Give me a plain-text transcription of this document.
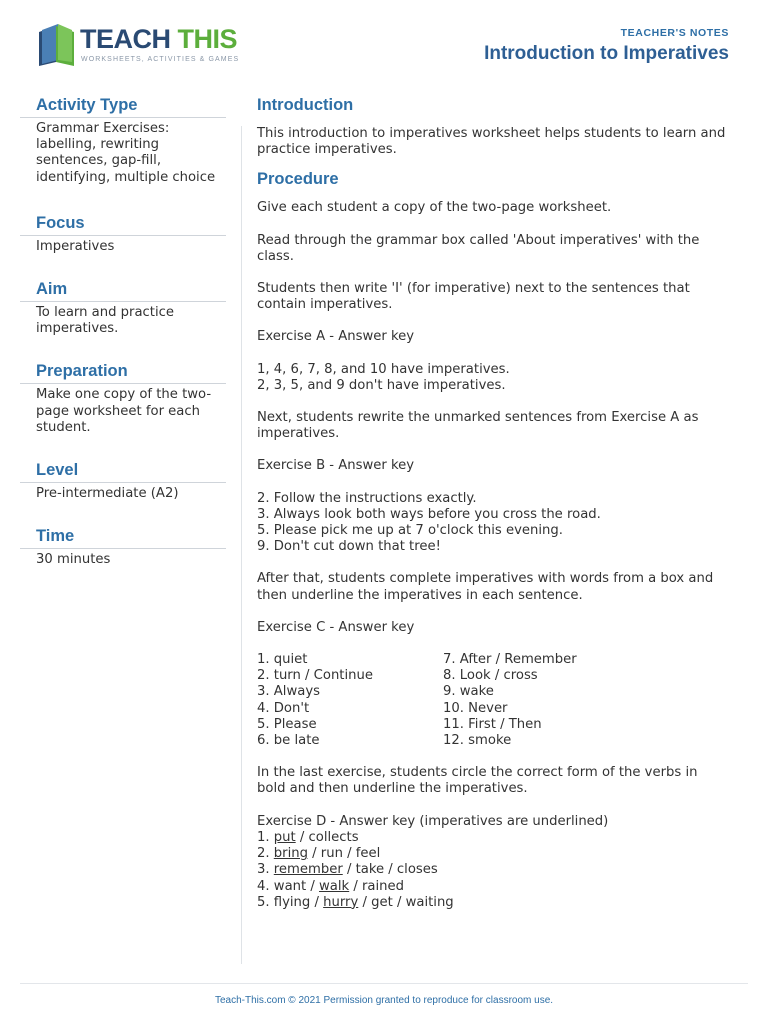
TEACH THIS
WORKSHEETS, ACTIVITIES & GAMES
TEACHER'S NOTES
Introduction to Imperatives
Activity Type
Grammar Exercises: labelling, rewriting sentences, gap-fill, identifying, multiple choice
Focus
Imperatives
Aim
To learn and practice imperatives.
Preparation
Make one copy of the two-page worksheet for each student.
Level
Pre-intermediate (A2)
Time
30 minutes
Introduction

This introduction to imperatives worksheet helps students to learn and practice imperatives.

Procedure

Give each student a copy of the two-page worksheet.

Read through the grammar box called 'About imperatives' with the class.

Students then write 'I' (for imperative) next to the sentences that contain imperatives.

Exercise A - Answer key

1, 4, 6, 7, 8, and 10 have imperatives.
2, 3, 5, and 9 don't have imperatives.

Next, students rewrite the unmarked sentences from Exercise A as imperatives.

Exercise B - Answer key

2. Follow the instructions exactly.
3. Always look both ways before you cross the road.
5. Please pick me up at 7 o'clock this evening.
9. Don't cut down that tree!

After that, students complete imperatives with words from a box and then underline the imperatives in each sentence.

Exercise C - Answer key

1. quiet
2. turn / Continue
3. Always
4. Don't
5. Please
6. be late
7. After / Remember
8. Look / cross
9. wake
10. Never
11. First / Then
12. smoke

In the last exercise, students circle the correct form of the verbs in bold and then underline the imperatives.

Exercise D - Answer key (imperatives are underlined)

1. put / collects
2. bring / run / feel
3. remember / take / closes
4. want / walk / rained
5. flying / hurry / get / waiting
Teach-This.com © 2021 Permission granted to reproduce for classroom use.
